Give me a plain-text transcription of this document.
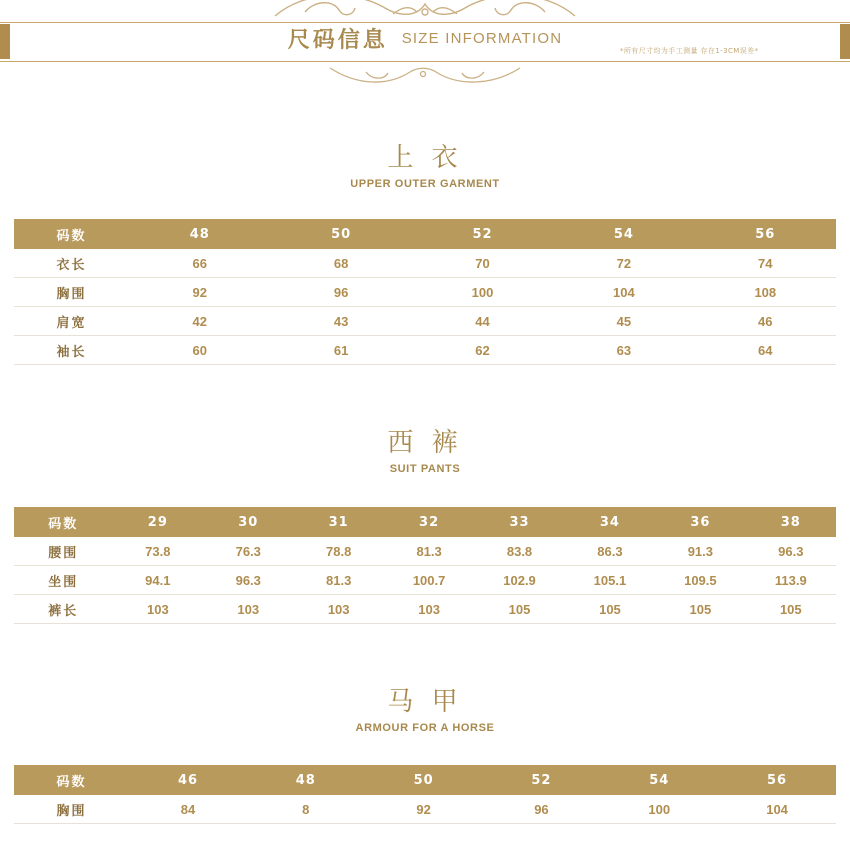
尺码信息 SIZE INFORMATION
*所有尺寸均为手工测量 存在1-3CM误差*
上 衣
UPPER OUTER GARMENT
码数	48	50	52	54	56
衣长	66	68	70	72	74
胸围	92	96	100	104	108
肩宽	42	43	44	45	46
袖长	60	61	62	63	64
西 裤
SUIT PANTS
码数	29	30	31	32	33	34	36	38
腰围	73.8	76.3	78.8	81.3	83.8	86.3	91.3	96.3
坐围	94.1	96.3	81.3	100.7	102.9	105.1	109.5	113.9
裤长	103	103	103	103	105	105	105	105
马 甲
ARMOUR FOR A HORSE
码数	46	48	50	52	54	56
胸围	84	8	92	96	100	104
